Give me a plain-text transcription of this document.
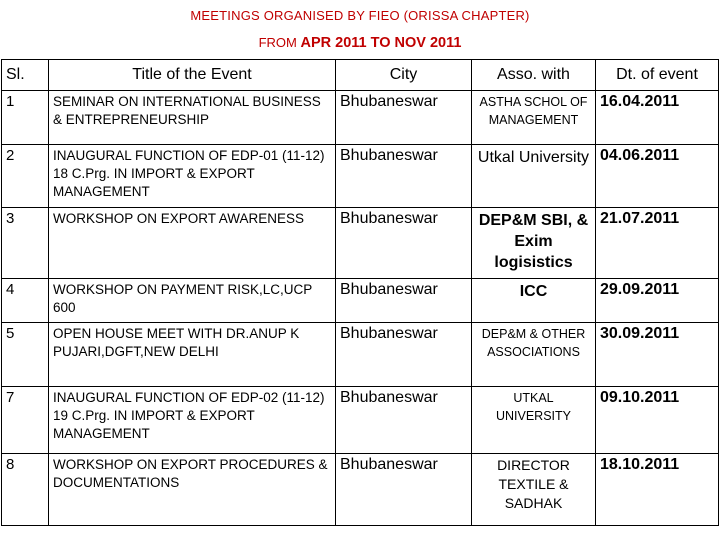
MEETINGS ORGANISED BY FIEO (ORISSA CHAPTER)
FROM APR 2011 TO NOV 2011
Sl.	Title of the Event	City	Asso. with	Dt. of event
1	SEMINAR ON INTERNATIONAL BUSINESS & ENTREPRENEURSHIP	Bhubaneswar	ASTHA SCHOL OF MANAGEMENT	16.04.2011
2	INAUGURAL FUNCTION OF EDP-01 (11-12) 18 C.Prg. IN IMPORT & EXPORT MANAGEMENT	Bhubaneswar	Utkal University	04.06.2011
3	WORKSHOP ON EXPORT AWARENESS	Bhubaneswar	DEP&M SBI, & Exim logisistics	21.07.2011
4	WORKSHOP ON PAYMENT RISK,LC,UCP 600	Bhubaneswar	ICC	29.09.2011
5	OPEN HOUSE MEET WITH DR.ANUP K PUJARI,DGFT,NEW DELHI	Bhubaneswar	DEP&M & OTHER ASSOCIATIONS	30.09.2011
7	INAUGURAL FUNCTION OF EDP-02 (11-12) 19 C.Prg. IN IMPORT & EXPORT MANAGEMENT	Bhubaneswar	UTKAL UNIVERSITY	09.10.2011
8	WORKSHOP ON EXPORT PROCEDURES & DOCUMENTATIONS	Bhubaneswar	DIRECTOR TEXTILE & SADHAK	18.10.2011
